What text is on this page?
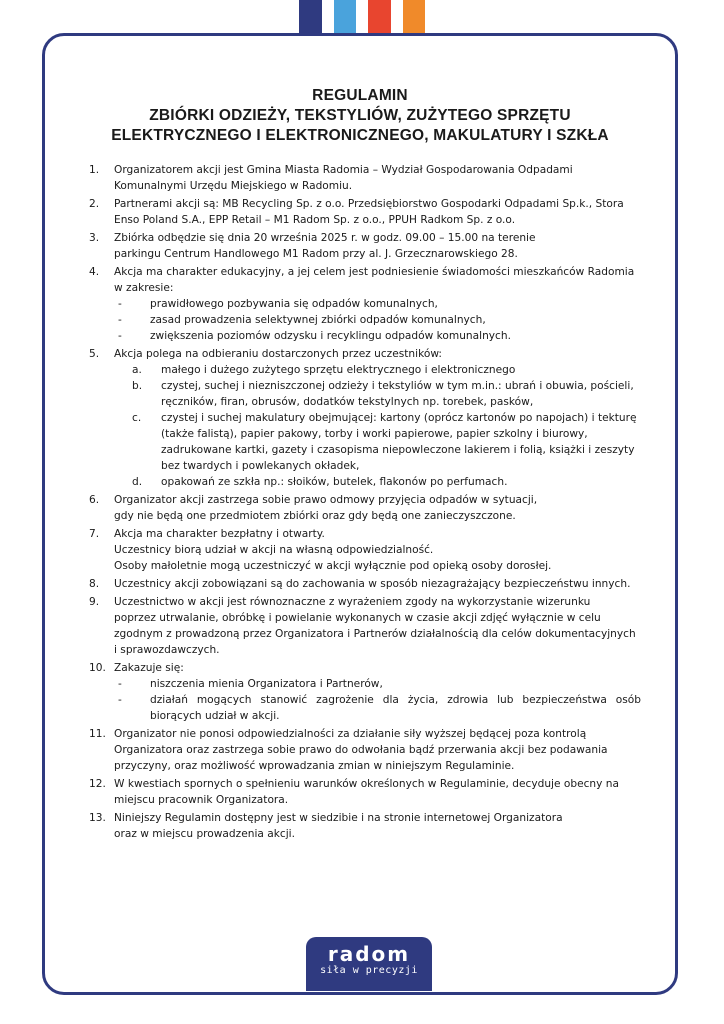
REGULAMIN
ZBIÓRKI ODZIEŻY, TEKSTYLIÓW, ZUŻYTEGO SPRZĘTU
ELEKTRYCZNEGO I ELEKTRONICZNEGO, MAKULATURY I SZKŁA
1. Organizatorem akcji jest Gmina Miasta Radomia – Wydział Gospodarowania Odpadami
Komunalnymi Urzędu Miejskiego w Radomiu.
2. Partnerami akcji są: MB Recycling Sp. z o.o. Przedsiębiorstwo Gospodarki Odpadami Sp.k., Stora
Enso Poland S.A., EPP Retail – M1 Radom Sp. z o.o., PPUH Radkom Sp. z o.o.
3. Zbiórka odbędzie się dnia 20 września 2025 r. w godz. 09.00 – 15.00 na terenie
parkingu Centrum Handlowego M1 Radom przy al. J. Grzecznarowskiego 28.
4. Akcja ma charakter edukacyjny, a jej celem jest podniesienie świadomości mieszkańców Radomia
w zakresie:
-	prawidłowego pozbywania się odpadów komunalnych,
-	zasad prowadzenia selektywnej zbiórki odpadów komunalnych,
-	zwiększenia poziomów odzysku i recyklingu odpadów komunalnych.
5. Akcja polega na odbieraniu dostarczonych przez uczestników:
a. małego i dużego zużytego sprzętu elektrycznego i elektronicznego
b. czystej, suchej i niezniszczonej odzieży i tekstyliów w tym m.in.: ubrań i obuwia, pościeli,
ręczników, firan, obrusów, dodatków tekstylnych np. torebek, pasków,
c. czystej i suchej makulatury obejmującej: kartony (oprócz kartonów po napojach) i tekturę
(także falistą), papier pakowy, torby i worki papierowe, papier szkolny i biurowy,
zadrukowane kartki, gazety i czasopisma niepowleczone lakierem i folią, książki i zeszyty
bez twardych i powlekanych okładek,
d. opakowań ze szkła np.: słoików, butelek, flakonów po perfumach.
6. Organizator akcji zastrzega sobie prawo odmowy przyjęcia odpadów w sytuacji,
gdy nie będą one przedmiotem zbiórki oraz gdy będą one zanieczyszczone.
7. Akcja ma charakter bezpłatny i otwarty.
Uczestnicy biorą udział w akcji na własną odpowiedzialność.
Osoby małoletnie mogą uczestniczyć w akcji wyłącznie pod opieką osoby dorosłej.
8. Uczestnicy akcji zobowiązani są do zachowania w sposób niezagrażający bezpieczeństwu innych.
9. Uczestnictwo w akcji jest równoznaczne z wyrażeniem zgody na wykorzystanie wizerunku
poprzez utrwalanie, obróbkę i powielanie wykonanych w czasie akcji zdjęć wyłącznie w celu
zgodnym z prowadzoną przez Organizatora i Partnerów działalnością dla celów dokumentacyjnych
i sprawozdawczych.
10. Zakazuje się:
-	niszczenia mienia Organizatora i Partnerów,
-	działań mogących stanowić zagrożenie dla życia, zdrowia lub bezpieczeństwa osób biorących udział w akcji.
11. Organizator nie ponosi odpowiedzialności za działanie siły wyższej będącej poza kontrolą
Organizatora oraz zastrzega sobie prawo do odwołania bądź przerwania akcji bez podawania
przyczyny, oraz możliwość wprowadzania zmian w niniejszym Regulaminie.
12. W kwestiach spornych o spełnieniu warunków określonych w Regulaminie, decyduje obecny na
miejscu pracownik Organizatora.
13. Niniejszy Regulamin dostępny jest w siedzibie i na stronie internetowej Organizatora
oraz w miejscu prowadzenia akcji.
radom
siła w precyzji
